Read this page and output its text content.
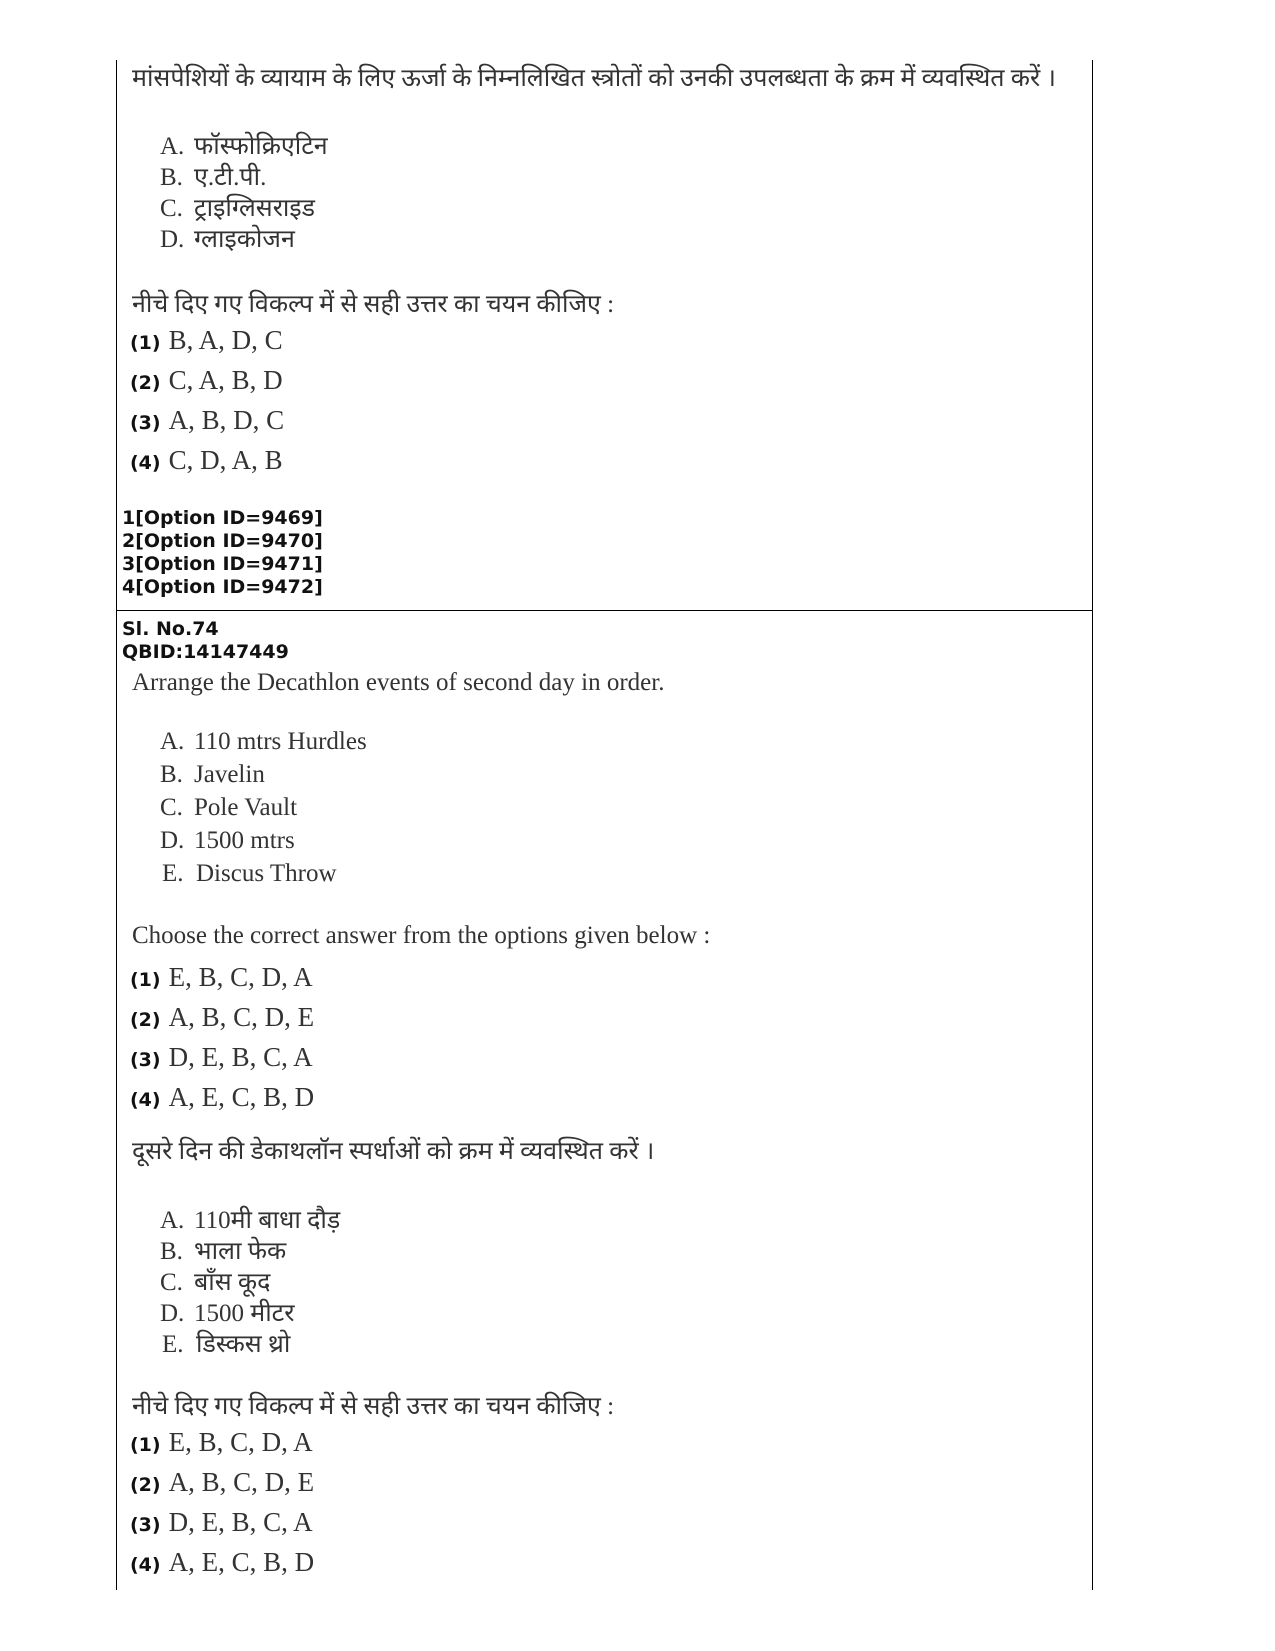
मांसपेशियों के व्यायाम के लिए ऊर्जा के निम्नलिखित स्त्रोतों को उनकी उपलब्धता के क्रम में व्यवस्थित करें ।
A. फॉस्फोक्रिएटिन
B. ए.टी.पी.
C. ट्राइग्लिसराइड
D. ग्लाइकोजन
नीचे दिए गए विकल्प में से सही उत्तर का चयन कीजिए :
(1) B, A, D, C
(2) C, A, B, D
(3) A, B, D, C
(4) C, D, A, B
1[Option ID=9469]
2[Option ID=9470]
3[Option ID=9471]
4[Option ID=9472]
Sl. No.74
QBID:14147449
Arrange the Decathlon events of second day in order.
A. 110 mtrs Hurdles
B. Javelin
C. Pole Vault
D. 1500 mtrs
E. Discus Throw
Choose the correct answer from the options given below :
(1) E, B, C, D, A
(2) A, B, C, D, E
(3) D, E, B, C, A
(4) A, E, C, B, D
दूसरे दिन की डेकाथलॉन स्पर्धाओं को क्रम में व्यवस्थित करें ।
A. 110मी बाधा दौड़
B. भाला फेक
C. बाँस कूद
D. 1500 मीटर
E. डिस्कस थ्रो
नीचे दिए गए विकल्प में से सही उत्तर का चयन कीजिए :
(1) E, B, C, D, A
(2) A, B, C, D, E
(3) D, E, B, C, A
(4) A, E, C, B, D
